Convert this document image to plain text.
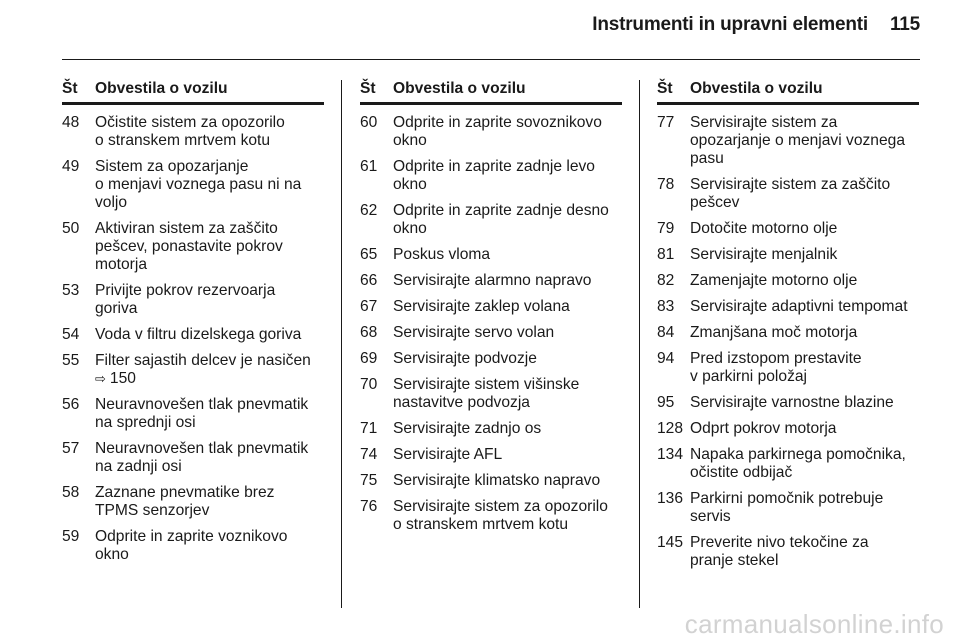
Instrumenti in upravni elementi 115
Št	Obvestila o vozilu
48	Očistite sistem za opozorilo
o stranskem mrtvem kotu
49	Sistem za opozarjanje
o menjavi voznega pasu ni na
voljo
50	Aktiviran sistem za zaščito
pešcev, ponastavite pokrov
motorja
53	Privijte pokrov rezervoarja
goriva
54	Voda v filtru dizelskega goriva
55	Filter sajastih delcev je nasičen
⇨ 150
56	Neuravnovešen tlak pnevmatik
na sprednji osi
57	Neuravnovešen tlak pnevmatik
na zadnji osi
58	Zaznane pnevmatike brez
TPMS senzorjev
59	Odprite in zaprite voznikovo
okno
Št	Obvestila o vozilu
60	Odprite in zaprite sovoznikovo
okno
61	Odprite in zaprite zadnje levo
okno
62	Odprite in zaprite zadnje desno
okno
65	Poskus vloma
66	Servisirajte alarmno napravo
67	Servisirajte zaklep volana
68	Servisirajte servo volan
69	Servisirajte podvozje
70	Servisirajte sistem višinske
nastavitve podvozja
71	Servisirajte zadnjo os
74	Servisirajte AFL
75	Servisirajte klimatsko napravo
76	Servisirajte sistem za opozorilo
o stranskem mrtvem kotu
Št	Obvestila o vozilu
77	Servisirajte sistem za
opozarjanje o menjavi voznega
pasu
78	Servisirajte sistem za zaščito
pešcev
79	Dotočite motorno olje
81	Servisirajte menjalnik
82	Zamenjajte motorno olje
83	Servisirajte adaptivni tempomat
84	Zmanjšana moč motorja
94	Pred izstopom prestavite
v parkirni položaj
95	Servisirajte varnostne blazine
128 Odprt pokrov motorja
134 Napaka parkirnega pomočnika,
očistite odbijač
136 Parkirni pomočnik potrebuje
servis
145 Preverite nivo tekočine za
pranje stekel
carmanualsonline.info
